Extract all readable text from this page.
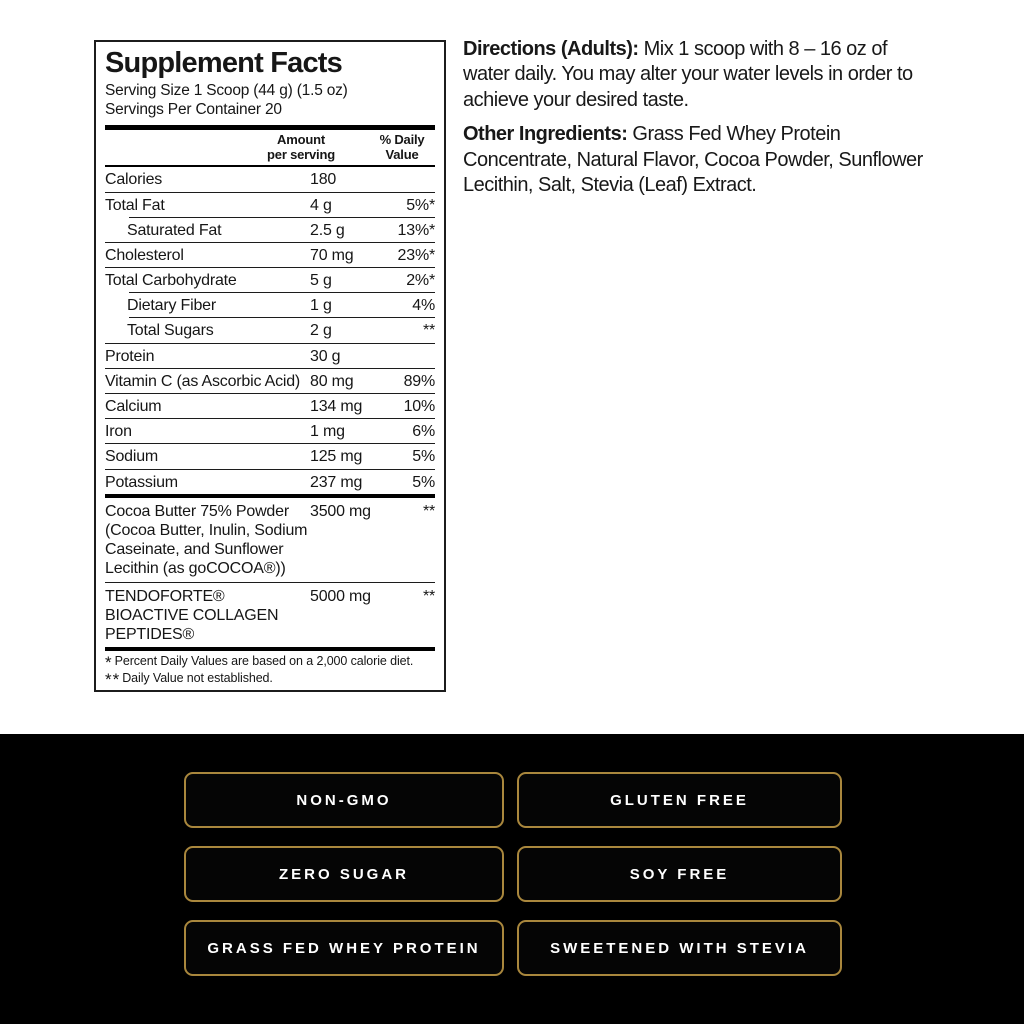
Supplement Facts
Serving Size 1 Scoop (44 g) (1.5 oz)
Servings Per Container 20
Amount
per serving
% Daily
Value
Calories	180
Total Fat	4 g	5%*
Saturated Fat	2.5 g	13%*
Cholesterol	70 mg	23%*
Total Carbohydrate	5 g	2%*
Dietary Fiber	1 g	4%
Total Sugars	2 g	**
Protein	30 g
Vitamin C (as Ascorbic Acid) 80 mg	89%
Calcium	134 mg	10%
Iron	1 mg	6%
Sodium	125 mg	5%
Potassium	237 mg	5%
Cocoa Butter 75% Powder
(Cocoa Butter, Inulin, Sodium
Caseinate, and Sunflower
Lecithin (as goCOCOA®))
3500 mg	**
TENDOFORTE®
BIOACTIVE COLLAGEN
PEPTIDES®
5000 mg	**
* Percent Daily Values are based on a 2,000 calorie diet.
** Daily Value not established.

Directions (Adults): Mix 1 scoop with 8 – 16 oz of water daily. You may alter your water levels in order to achieve your desired taste.

Other Ingredients: Grass Fed Whey Protein Concentrate, Natural Flavor, Cocoa Powder, Sunflower Lecithin, Salt, Stevia (Leaf) Extract.

NON-GMO	GLUTEN FREE
ZERO SUGAR	SOY FREE
GRASS FED WHEY PROTEIN	SWEETENED WITH STEVIA
